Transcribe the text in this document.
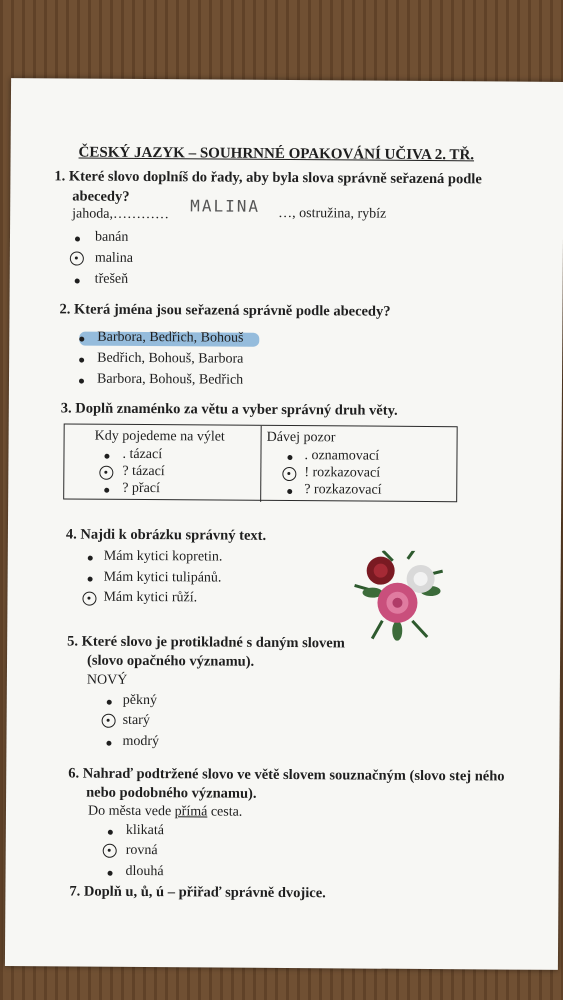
ČESKÝ JAZYK – SOUHRNNÉ OPAKOVÁNÍ UČIVA 2. TŘ.
1. Které slovo doplníš do řady, aby byla slova správně seřazená podle
abecedy?
jahoda,………… MALINA …, ostružina, rybíz
banán
malina
třešeň
2. Která jména jsou seřazená správně podle abecedy?
Barbora, Bedřich, Bohouš
Bedřich, Bohouš, Barbora
Barbora, Bohouš, Bedřich
3. Doplň znaménko za větu a vyber správný druh věty.
Kdy pojedeme na výlet
. tázací
? tázací
? přací
Dávej pozor
. oznamovací
! rozkazovací
? rozkazovací
4. Najdi k obrázku správný text.
Mám kytici kopretin.
Mám kytici tulipánů.
Mám kytici růží.
5. Které slovo je protikladné s daným slovem
(slovo opačného významu).
NOVÝ
pěkný
starý
modrý
6. Nahraď podtržené slovo ve větě slovem souznačným (slovo stej ného
nebo podobného významu).
Do města vede přímá cesta.
klikatá
rovná
dlouhá
7. Doplň u, ů, ú – přiřaď správně dvojice.
